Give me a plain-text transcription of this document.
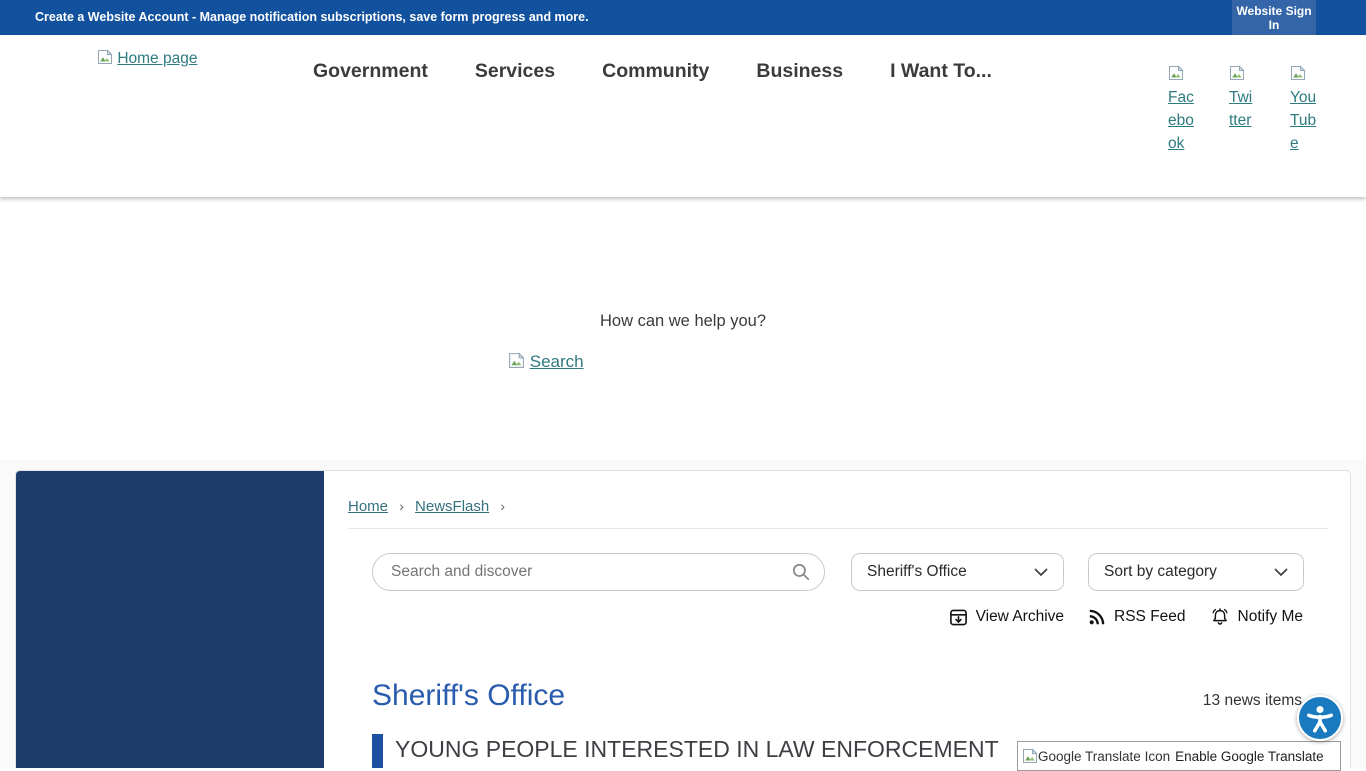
Create a Website Account - Manage notification subscriptions, save form progress and more.	Website Sign In
Home page
Government Services Community Business I Want To...
Facebook
Twitter
YouTube
How can we help you?
Search
Home › NewsFlash ›
Search and discover
Sheriff's Office	Sort by category
View Archive	RSS Feed	Notify Me
Sheriff's Office	13 news items
YOUNG PEOPLE INTERESTED IN LAW ENFORCEMENT	Google Translate Icon Enable Google Translate
